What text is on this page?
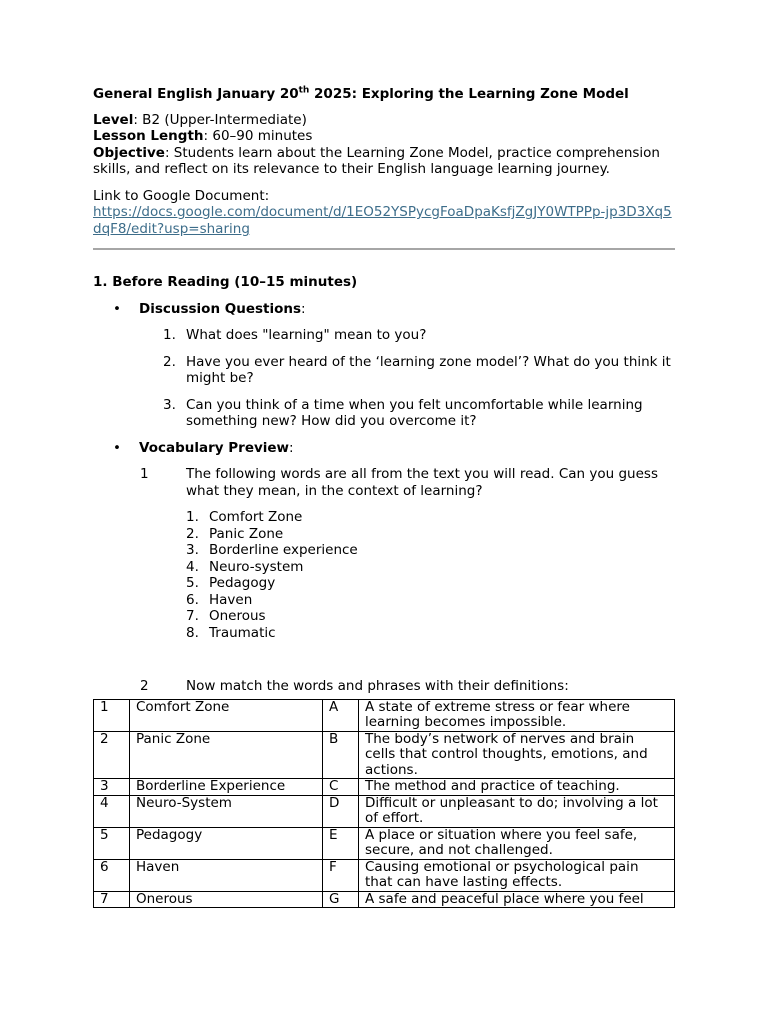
General English January 20th 2025: Exploring the Learning Zone Model

Level: B2 (Upper-Intermediate)
Lesson Length: 60–90 minutes
Objective: Students learn about the Learning Zone Model, practice comprehension skills, and reflect on its relevance to their English language learning journey.
Link to Google Document:
https://docs.google.com/document/d/1EO52YSPycgFoaDpaKsfjZgJY0WTPPp-jp3D3Xq5dqF8/edit?usp=sharing
1. Before Reading (10–15 minutes)
• Discussion Questions:
1. What does "learning" mean to you?
2. Have you ever heard of the ‘learning zone model’? What do you think it might be?
3. Can you think of a time when you felt uncomfortable while learning something new? How did you overcome it?
• Vocabulary Preview:
1	The following words are all from the text you will read. Can you guess what they mean, in the context of learning?
1. Comfort Zone
2. Panic Zone
3. Borderline experience
4. Neuro-system
5. Pedagogy
6. Haven
7. Onerous
8. Traumatic
2	Now match the words and phrases with their definitions:
1	Comfort Zone	A	A state of extreme stress or fear where learning becomes impossible.
2	Panic Zone	B	The body’s network of nerves and brain cells that control thoughts, emotions, and actions.
3	Borderline Experience	C	The method and practice of teaching.
4	Neuro-System	D	Difficult or unpleasant to do; involving a lot of effort.
5	Pedagogy	E	A place or situation where you feel safe, secure, and not challenged.
6	Haven	F	Causing emotional or psychological pain that can have lasting effects.
7	Onerous	G	A safe and peaceful place where you feel
